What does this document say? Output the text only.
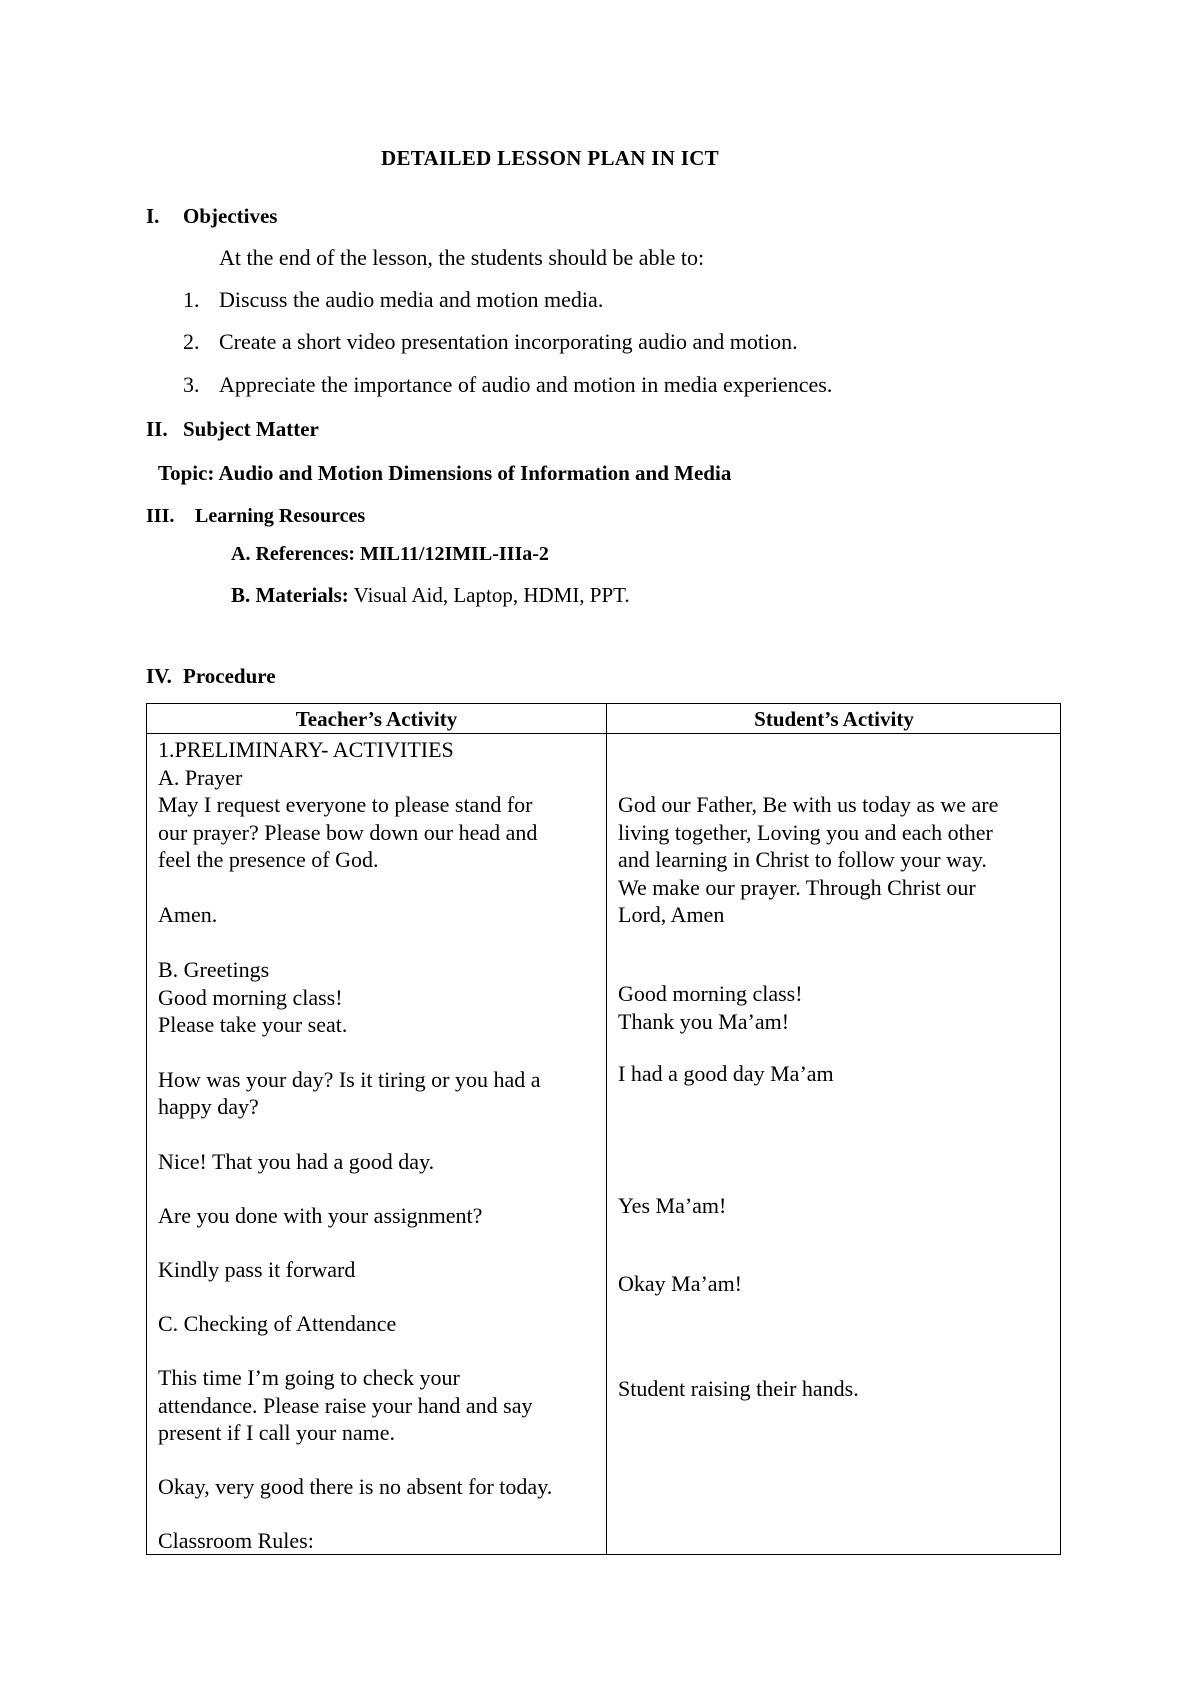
DETAILED LESSON PLAN IN ICT
I. Objectives
At the end of the lesson, the students should be able to:
1. Discuss the audio media and motion media.
2. Create a short video presentation incorporating audio and motion.
3. Appreciate the importance of audio and motion in media experiences.
II. Subject Matter
Topic: Audio and Motion Dimensions of Information and Media
III. Learning Resources
A. References: MIL11/12IMIL-IIIa-2
B. Materials: Visual Aid, Laptop, HDMI, PPT.
IV. Procedure
Teacher’s Activity	Student’s Activity
1.PRELIMINARY- ACTIVITIES
A. Prayer
May I request everyone to please stand for
our prayer? Please bow down our head and
feel the presence of God.
Amen.
B. Greetings
Good morning class!
Please take your seat.
How was your day? Is it tiring or you had a
happy day?
Nice! That you had a good day.
Are you done with your assignment?
Kindly pass it forward
C. Checking of Attendance
This time I’m going to check your
attendance. Please raise your hand and say
present if I call your name.
Okay, very good there is no absent for today.
Classroom Rules:
God our Father, Be with us today as we are
living together, Loving you and each other
and learning in Christ to follow your way.
We make our prayer. Through Christ our
Lord, Amen
Good morning class!
Thank you Ma’am!
I had a good day Ma’am
Yes Ma’am!
Okay Ma’am!
Student raising their hands.
